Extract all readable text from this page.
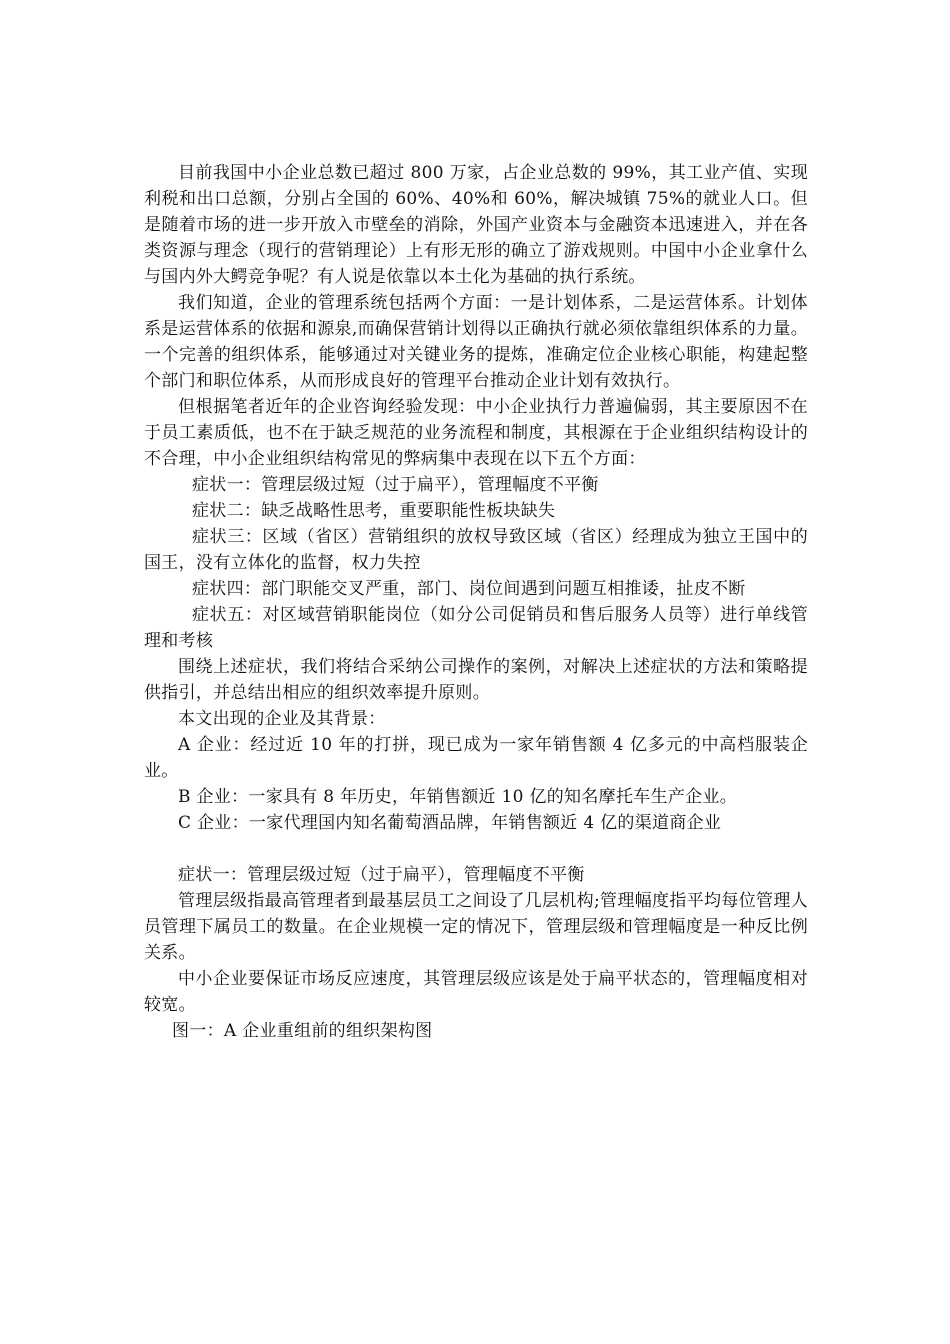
目前我国中小企业总数已超过 800 万家，占企业总数的 99%，其工业产值、实现利税和出口总额，分别占全国的 60%、40%和 60%，解决城镇 75%的就业人口。但是随着市场的进一步开放入市壁垒的消除，外国产业资本与金融资本迅速进入，并在各类资源与理念（现行的营销理论）上有形无形的确立了游戏规则。中国中小企业拿什么与国内外大鳄竞争呢？有人说是依靠以本土化为基础的执行系统。

我们知道，企业的管理系统包括两个方面：一是计划体系，二是运营体系。计划体系是运营体系的依据和源泉,而确保营销计划得以正确执行就必须依靠组织体系的力量。一个完善的组织体系，能够通过对关键业务的提炼，准确定位企业核心职能，构建起整个部门和职位体系，从而形成良好的管理平台推动企业计划有效执行。

但根据笔者近年的企业咨询经验发现：中小企业执行力普遍偏弱，其主要原因不在于员工素质低，也不在于缺乏规范的业务流程和制度，其根源在于企业组织结构设计的不合理，中小企业组织结构常见的弊病集中表现在以下五个方面：

症状一：管理层级过短（过于扁平），管理幅度不平衡

症状二：缺乏战略性思考，重要职能性板块缺失

症状三：区域（省区）营销组织的放权导致区域（省区）经理成为独立王国中的国王，没有立体化的监督，权力失控

症状四：部门职能交叉严重，部门、岗位间遇到问题互相推诿，扯皮不断

症状五：对区域营销职能岗位（如分公司促销员和售后服务人员等）进行单线管理和考核

围绕上述症状，我们将结合采纳公司操作的案例，对解决上述症状的方法和策略提供指引，并总结出相应的组织效率提升原则。

本文出现的企业及其背景：

A 企业：经过近 10 年的打拼，现已成为一家年销售额 4 亿多元的中高档服装企业。

B 企业：一家具有 8 年历史，年销售额近 10 亿的知名摩托车生产企业。

C 企业：一家代理国内知名葡萄酒品牌，年销售额近 4 亿的渠道商企业

症状一：管理层级过短（过于扁平），管理幅度不平衡

管理层级指最高管理者到最基层员工之间设了几层机构;管理幅度指平均每位管理人员管理下属员工的数量。在企业规模一定的情况下，管理层级和管理幅度是一种反比例关系。

中小企业要保证市场反应速度，其管理层级应该是处于扁平状态的，管理幅度相对较宽。

图一：A 企业重组前的组织架构图
